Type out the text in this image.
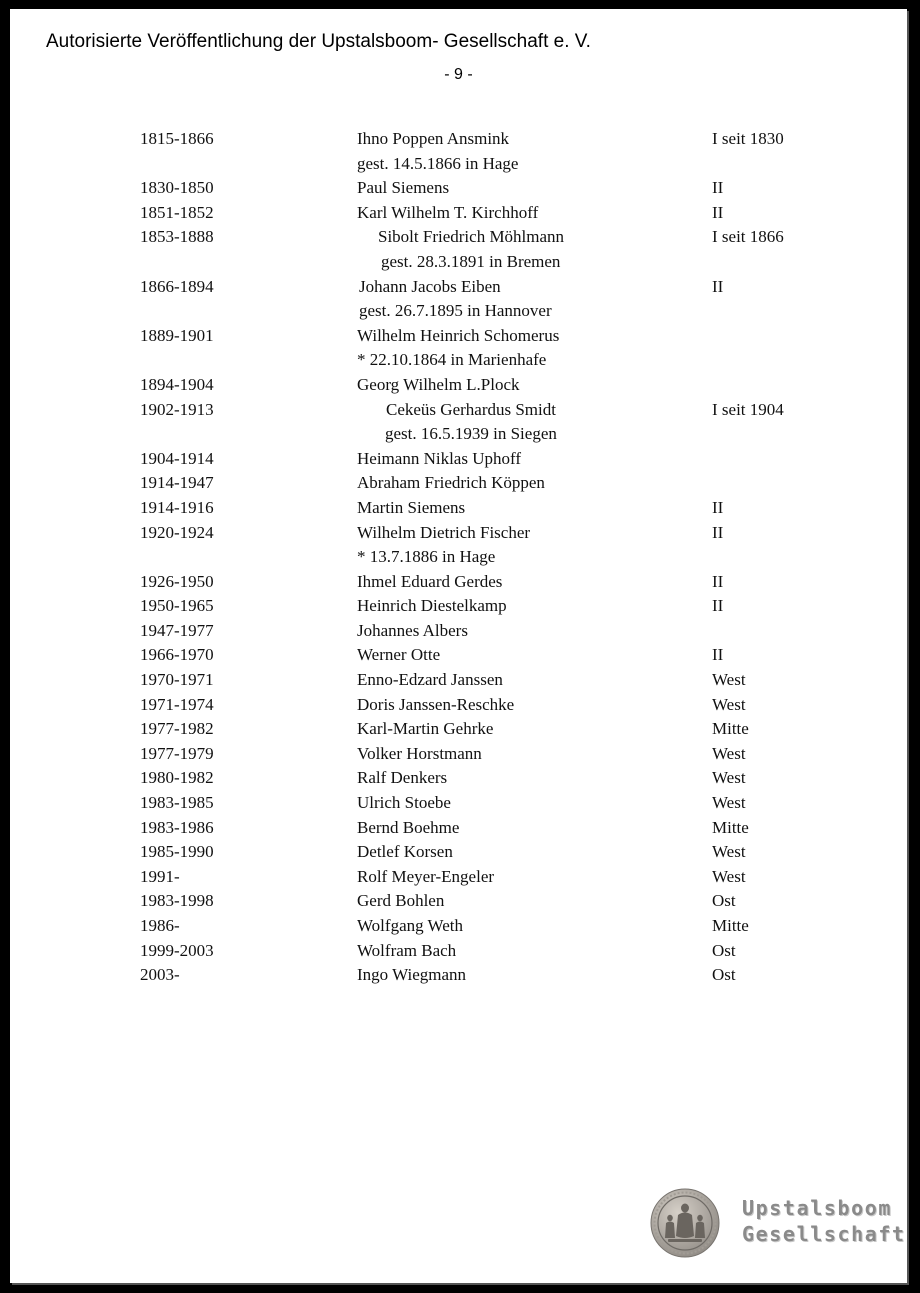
Autorisierte Veröffentlichung der Upstalsboom- Gesellschaft e. V.
- 9 -
1815-1866	Ihno Poppen Ansmink	I seit 1830
gest. 14.5.1866 in Hage
1830-1850	Paul Siemens	II
1851-1852	Karl Wilhelm T. Kirchhoff	II
1853-1888	Sibolt Friedrich Möhlmann	I seit 1866
gest. 28.3.1891 in Bremen
1866-1894	Johann Jacobs Eiben	II
gest. 26.7.1895 in Hannover
1889-1901	Wilhelm Heinrich Schomerus
* 22.10.1864 in Marienhafe
1894-1904	Georg Wilhelm L.Plock
1902-1913	Cekeüs Gerhardus Smidt	I seit 1904
gest. 16.5.1939 in Siegen
1904-1914	Heimann Niklas Uphoff
1914-1947	Abraham Friedrich Köppen
1914-1916	Martin Siemens	II
1920-1924	Wilhelm Dietrich Fischer	II
* 13.7.1886 in Hage
1926-1950	Ihmel Eduard Gerdes	II
1950-1965	Heinrich Diestelkamp	II
1947-1977	Johannes Albers
1966-1970	Werner Otte	II
1970-1971	Enno-Edzard Janssen	West
1971-1974	Doris Janssen-Reschke	West
1977-1982	Karl-Martin Gehrke	Mitte
1977-1979	Volker Horstmann	West
1980-1982	Ralf Denkers	West
1983-1985	Ulrich Stoebe	West
1983-1986	Bernd Boehme	Mitte
1985-1990	Detlef Korsen	West
1991-	Rolf Meyer-Engeler	West
1983-1998	Gerd Bohlen	Ost
1986-	Wolfgang Weth	Mitte
1999-2003	Wolfram Bach	Ost
2003-	Ingo Wiegmann	Ost
Upstalsboom
Gesellschaft
